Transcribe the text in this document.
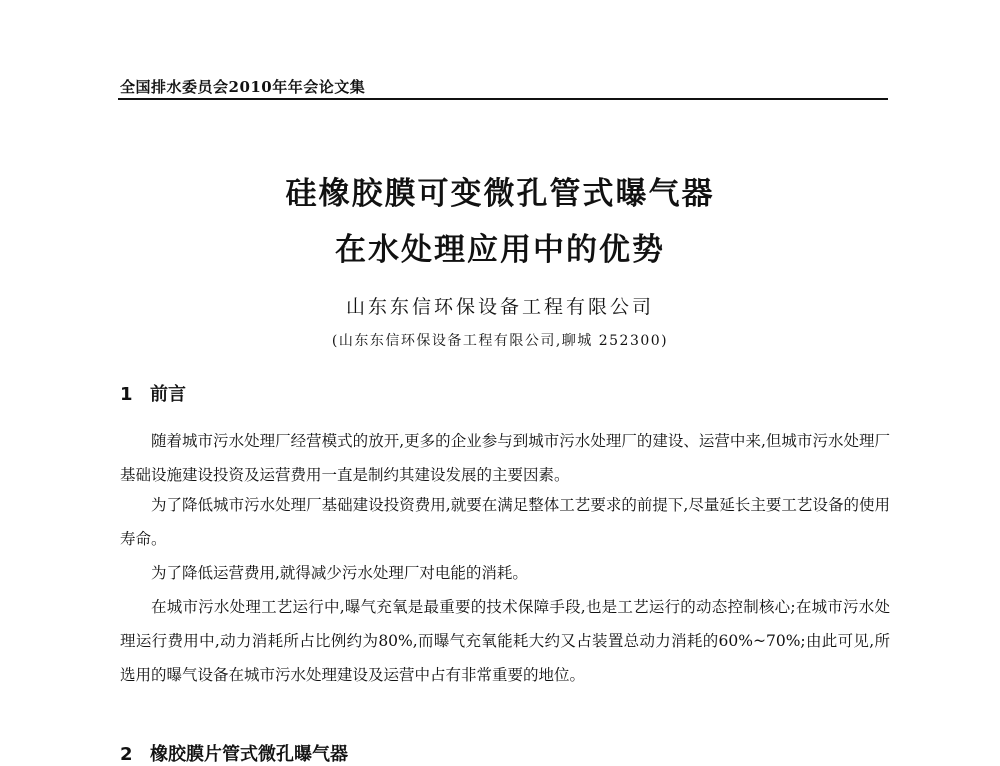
全国排水委员会2010年年会论文集
硅橡胶膜可变微孔管式曝气器
在水处理应用中的优势
山东东信环保设备工程有限公司
(山东东信环保设备工程有限公司,聊城 252300)
1 前言

随着城市污水处理厂经营模式的放开,更多的企业参与到城市污水处理厂的建设、运营中来,但城市污水处理厂基础设施建设投资及运营费用一直是制约其建设发展的主要因素。

为了降低城市污水处理厂基础建设投资费用,就要在满足整体工艺要求的前提下,尽量延长主要工艺设备的使用寿命。

为了降低运营费用,就得减少污水处理厂对电能的消耗。

在城市污水处理工艺运行中,曝气充氧是最重要的技术保障手段,也是工艺运行的动态控制核心;在城市污水处理运行费用中,动力消耗所占比例约为80%,而曝气充氧能耗大约又占装置总动力消耗的60%~70%;由此可见,所选用的曝气设备在城市污水处理建设及运营中占有非常重要的地位。

2 橡胶膜片管式微孔曝气器
